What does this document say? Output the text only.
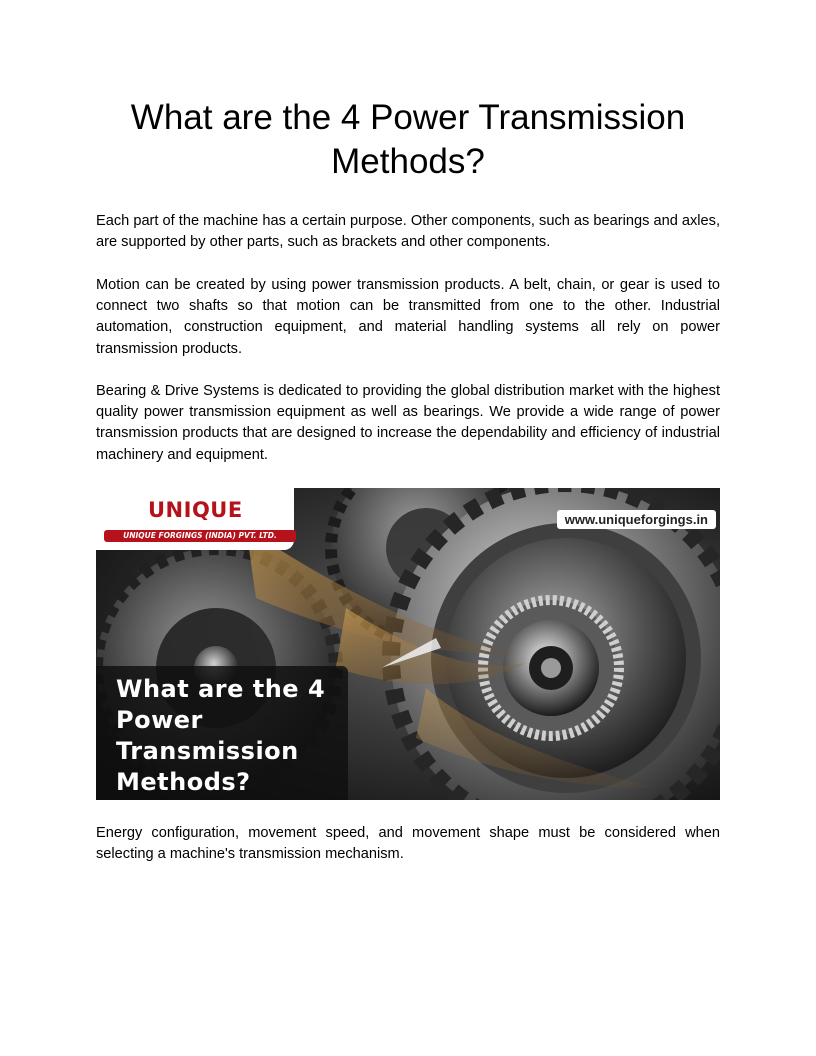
What are the 4 Power Transmission Methods?

Each part of the machine has a certain purpose. Other components, such as bearings and axles, are supported by other parts, such as brackets and other components.

Motion can be created by using power transmission products. A belt, chain, or gear is used to connect two shafts so that motion can be transmitted from one to the other. Industrial automation, construction equipment, and material handling systems all rely on power transmission products.

Bearing & Drive Systems is dedicated to providing the global distribution market with the highest quality power transmission equipment as well as bearings. We provide a wide range of power transmission products that are designed to increase the dependability and efficiency of industrial machinery and equipment.

UNIQUE
UNIQUE FORGINGS (INDIA) PVT. LTD.
www.uniqueforgings.in
What are the 4 Power Transmission Methods?

Energy configuration, movement speed, and movement shape must be considered when selecting a machine's transmission mechanism.
